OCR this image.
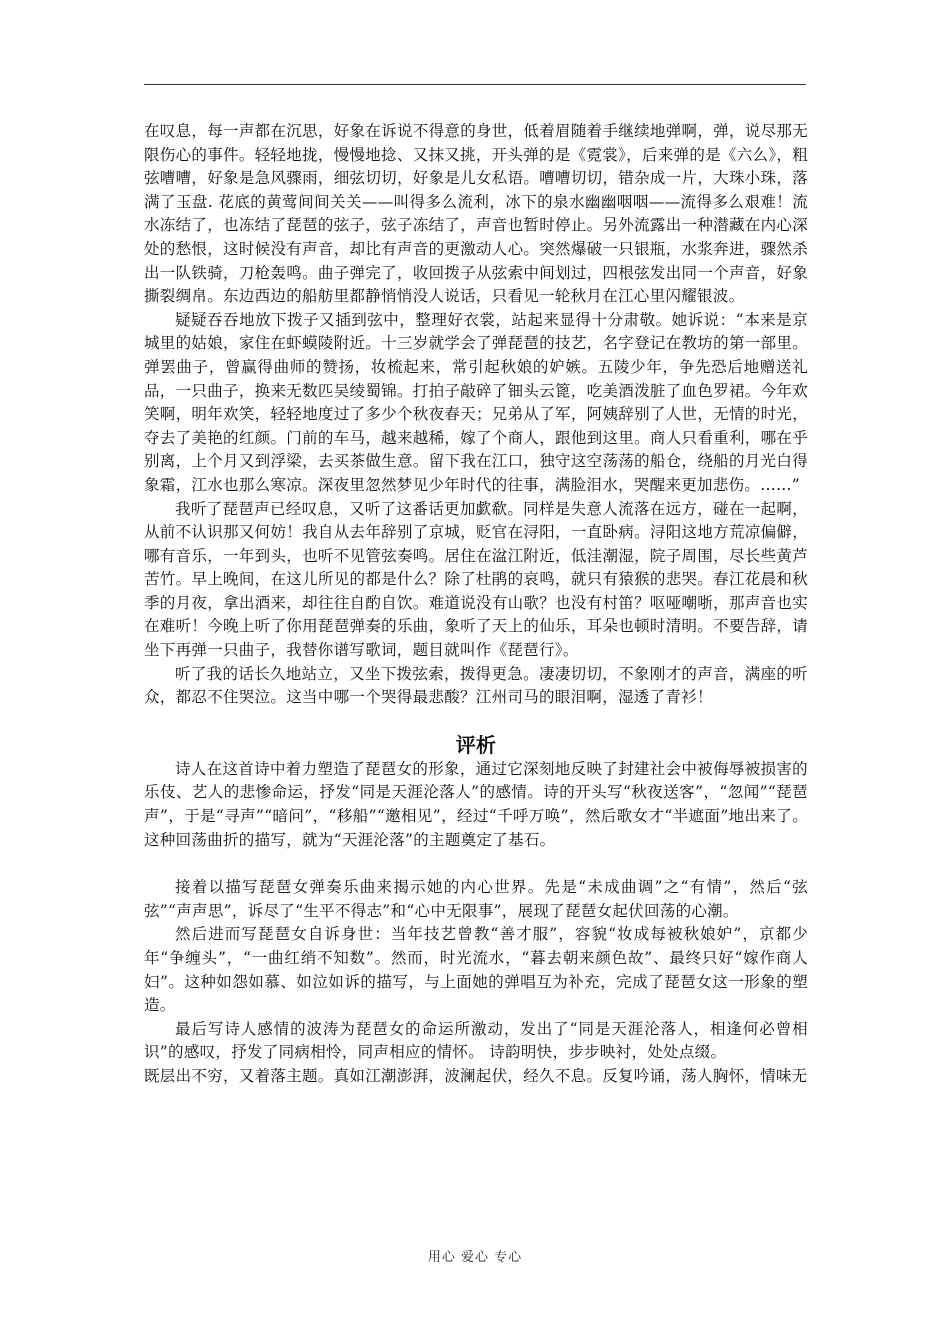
在叹息，每一声都在沉思，好象在诉说不得意的身世，低着眉随着手继续地弹啊，弹，说尽那无限伤心的事件。轻轻地拢，慢慢地捻、又抹又挑，开头弹的是《霓裳》，后来弹的是《六么》，粗弦嘈嘈，好象是急风骤雨，细弦切切，好象是儿女私语。嘈嘈切切，错杂成一片，大珠小珠，落满了玉盘. 花底的黄莺间间关关——叫得多么流利，冰下的泉水幽幽咽咽——流得多么艰难！流水冻结了，也冻结了琵琶的弦子，弦子冻结了，声音也暂时停止。另外流露出一种潜藏在内心深处的愁恨，这时候没有声音，却比有声音的更激动人心。突然爆破一只银瓶，水浆奔进，骤然杀出一队铁骑，刀枪轰鸣。曲子弹完了，收回拨子从弦索中间划过，四根弦发出同一个声音，好象撕裂绸帛。东边西边的船舫里都静悄悄没人说话，只看见一轮秋月在江心里闪耀银波。

疑疑吞吞地放下拨子又插到弦中，整理好衣裳，站起来显得十分肃敬。她诉说：“本来是京城里的姑娘，家住在虾蟆陵附近。十三岁就学会了弹琵琶的技艺，名字登记在教坊的第一部里。弹罢曲子，曾赢得曲师的赞扬，妆梳起来，常引起秋娘的妒嫉。五陵少年，争先恐后地赠送礼品，一只曲子，换来无数匹吴绫蜀锦。打拍子敲碎了钿头云篦，吃美酒泼脏了血色罗裙。今年欢笑啊，明年欢笑，轻轻地度过了多少个秋夜春天；兄弟从了军，阿姨辞别了人世，无情的时光，夺去了美艳的红颜。门前的车马，越来越稀，嫁了个商人，跟他到这里。商人只看重利，哪在乎别离，上个月又到浮梁，去买茶做生意。留下我在江口，独守这空荡荡的船仓，绕船的月光白得象霜，江水也那么寒凉。深夜里忽然梦见少年时代的往事，满脸泪水，哭醒来更加悲伤。……”

我听了琵琶声已经叹息，又听了这番话更加歔欷。同样是失意人流落在远方，碰在一起啊，从前不认识那又何妨！我自从去年辞别了京城，贬官在浔阳，一直卧病。浔阳这地方荒凉偏僻，哪有音乐，一年到头，也听不见管弦奏鸣。居住在湓江附近，低洼潮湿，院子周围，尽长些黄芦苦竹。早上晚间，在这儿所见的都是什么？除了杜鹃的哀鸣，就只有猿猴的悲哭。春江花晨和秋季的月夜，拿出酒来，却往往自酌自饮。难道说没有山歌？也没有村笛？呕哑嘲哳，那声音也实在难听！今晚上听了你用琵琶弹奏的乐曲，象听了天上的仙乐，耳朵也顿时清明。不要告辞，请坐下再弹一只曲子，我替你谱写歌词，题目就叫作《琵琶行》。

听了我的话长久地站立，又坐下拨弦索，拨得更急。凄凄切切，不象刚才的声音，满座的听众，都忍不住哭泣。这当中哪一个哭得最悲酸？江州司马的眼泪啊，湿透了青衫！

评析

诗人在这首诗中着力塑造了琵琶女的形象，通过它深刻地反映了封建社会中被侮辱被损害的乐伎、艺人的悲惨命运，抒发“同是天涯沦落人”的感情。诗的开头写“秋夜送客”，“忽闻”“琵琶声”，于是“寻声”“暗问”，“移船”“邀相见”，经过“千呼万唤”，然后歌女才“半遮面”地出来了。这种回荡曲折的描写，就为“天涯沦落”的主题奠定了基石。

接着以描写琵琶女弹奏乐曲来揭示她的内心世界。先是“未成曲调”之“有情”，然后“弦弦”“声声思”，诉尽了“生平不得志”和“心中无限事”，展现了琵琶女起伏回荡的心潮。

然后进而写琵琶女自诉身世：当年技艺曾教“善才服”，容貌“妆成每被秋娘妒”，京都少年“争缠头”，“一曲红绡不知数”。然而，时光流水，“暮去朝来颜色故”、最终只好“嫁作商人妇”。这种如怨如慕、如泣如诉的描写，与上面她的弹唱互为补充，完成了琵琶女这一形象的塑造。

最后写诗人感情的波涛为琵琶女的命运所激动，发出了“同是天涯沦落人，相逢何必曾相识”的感叹，抒发了同病相怜，同声相应的情怀。 诗韵明快，步步映衬，处处点缀。

既层出不穷，又着落主题。真如江潮澎湃，波澜起伏，经久不息。反复吟诵，荡人胸怀，情味无

用心 爱心 专心
